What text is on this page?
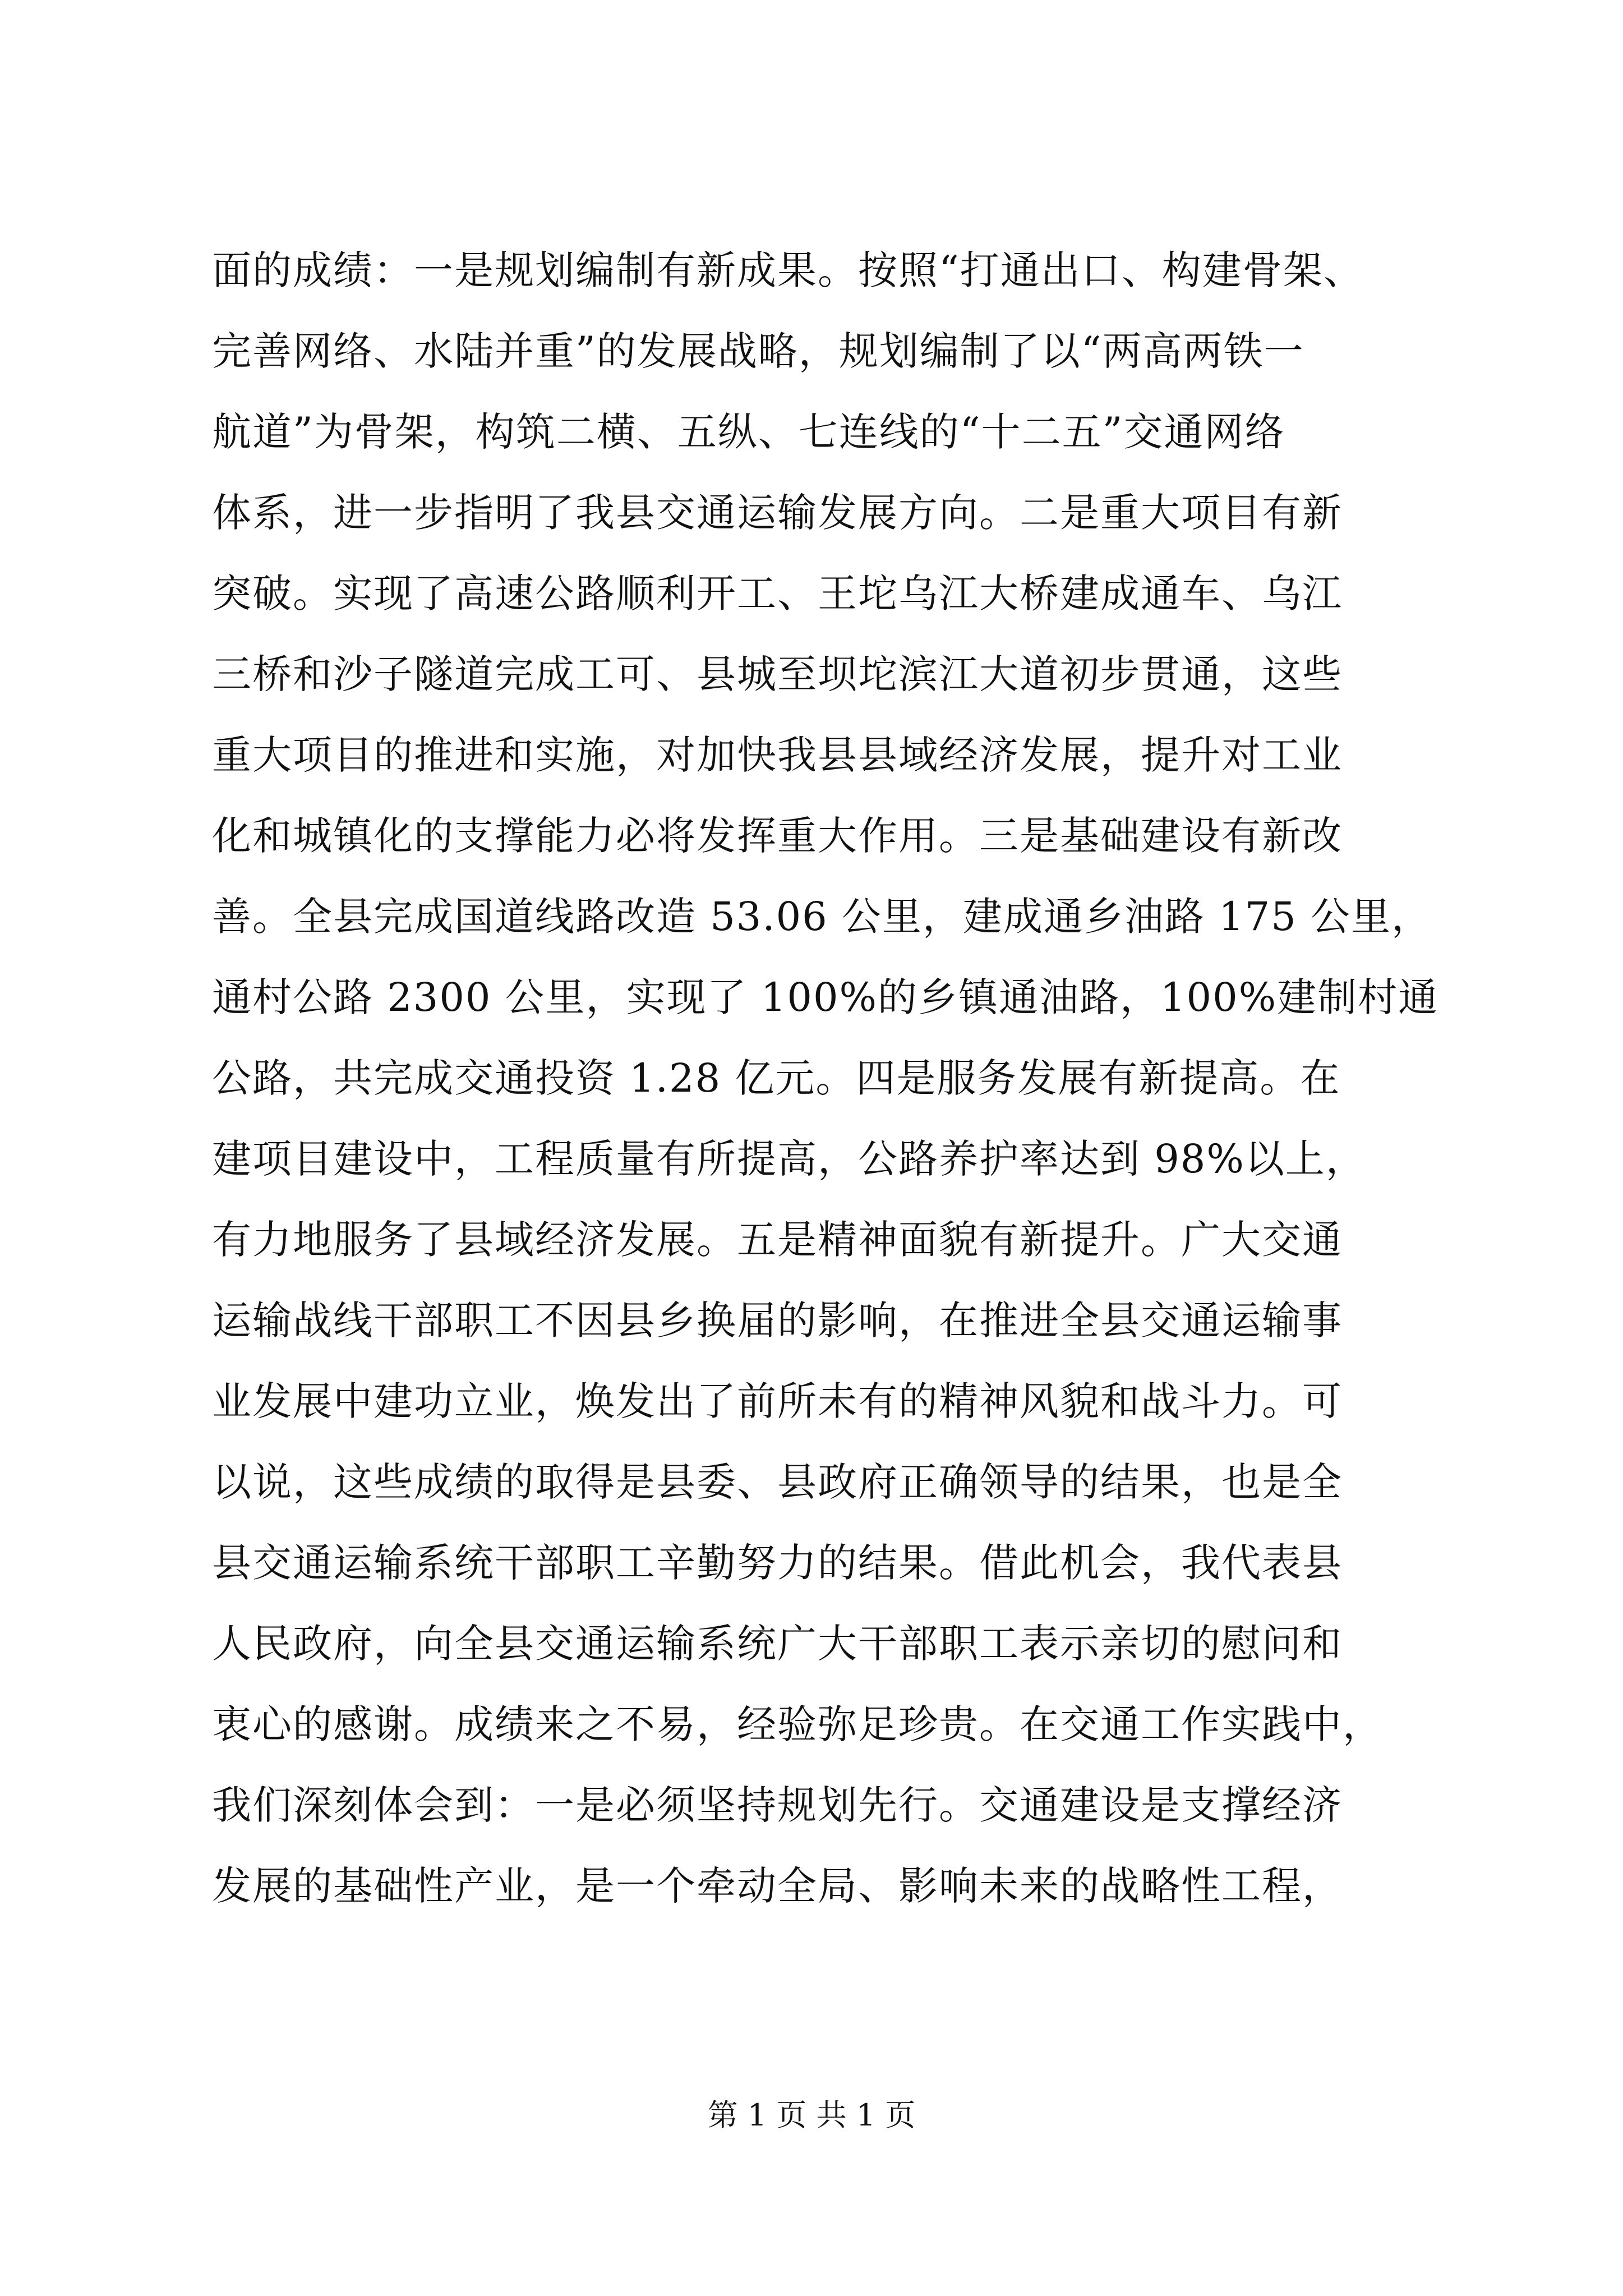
面的成绩：一是规划编制有新成果。按照“打通出口、构建骨架、
完善网络、水陆并重”的发展战略，规划编制了以“两高两铁一
航道”为骨架，构筑二横、五纵、七连线的“十二五”交通网络
体系，进一步指明了我县交通运输发展方向。二是重大项目有新
突破。实现了高速公路顺利开工、王坨乌江大桥建成通车、乌江
三桥和沙子隧道完成工可、县城至坝坨滨江大道初步贯通，这些
重大项目的推进和实施，对加快我县县域经济发展，提升对工业
化和城镇化的支撑能力必将发挥重大作用。三是基础建设有新改
善。全县完成国道线路改造 53.06 公里，建成通乡油路 175 公里，
通村公路 2300 公里，实现了 100%的乡镇通油路，100%建制村通
公路，共完成交通投资 1.28 亿元。四是服务发展有新提高。在
建项目建设中，工程质量有所提高，公路养护率达到 98%以上，
有力地服务了县域经济发展。五是精神面貌有新提升。广大交通
运输战线干部职工不因县乡换届的影响，在推进全县交通运输事
业发展中建功立业，焕发出了前所未有的精神风貌和战斗力。可
以说，这些成绩的取得是县委、县政府正确领导的结果，也是全
县交通运输系统干部职工辛勤努力的结果。借此机会，我代表县
人民政府，向全县交通运输系统广大干部职工表示亲切的慰问和
衷心的感谢。成绩来之不易，经验弥足珍贵。在交通工作实践中，
我们深刻体会到：一是必须坚持规划先行。交通建设是支撑经济
发展的基础性产业，是一个牵动全局、影响未来的战略性工程，
第 1 页 共 1 页
